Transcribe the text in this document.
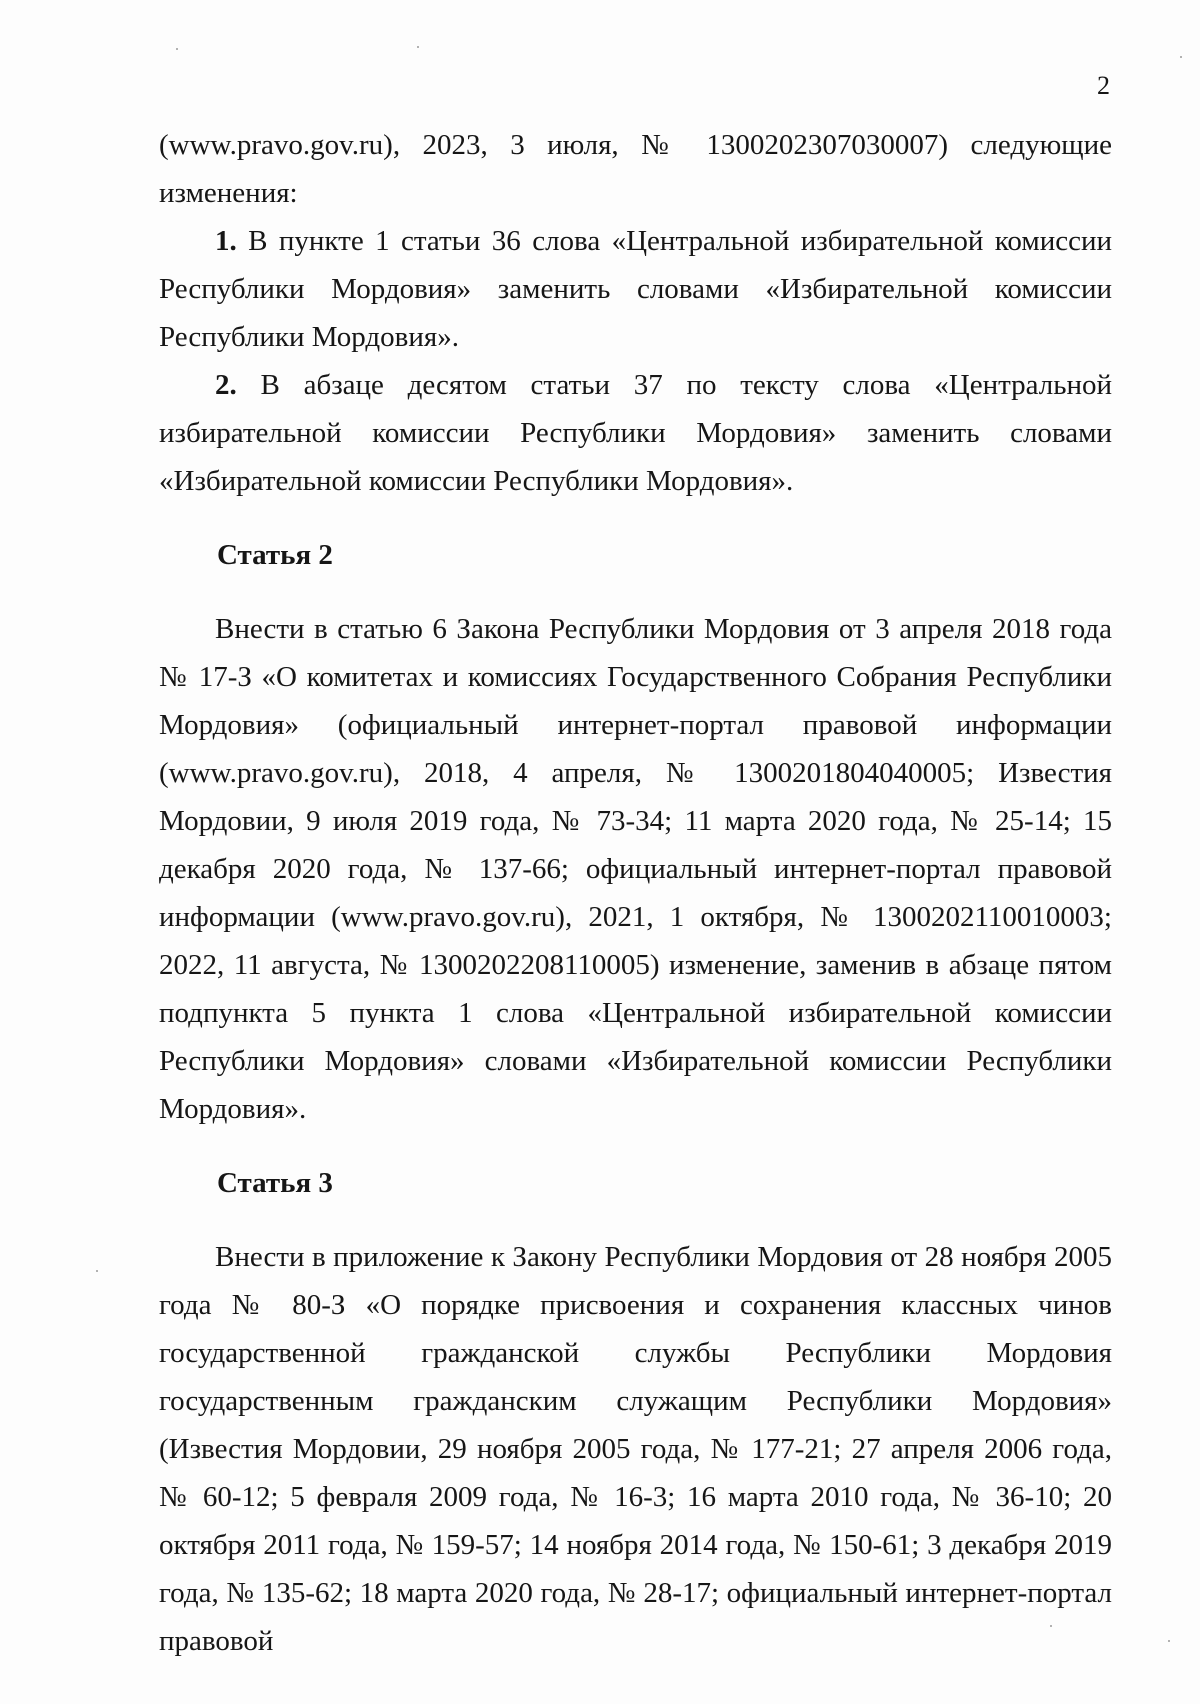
2

(www.pravo.gov.ru), 2023, 3 июля, № 1300202307030007) следующие изменения:

1. В пункте 1 статьи 36 слова «Центральной избирательной комиссии Республики Мордовия» заменить словами «Избирательной комиссии Республики Мордовия».

2. В абзаце десятом статьи 37 по тексту слова «Центральной избирательной комиссии Республики Мордовия» заменить словами «Избирательной комиссии Республики Мордовия».

Статья 2

Внести в статью 6 Закона Республики Мордовия от 3 апреля 2018 года № 17-З «О комитетах и комиссиях Государственного Собрания Республики Мордовия» (официальный интернет-портал правовой информации (www.pravo.gov.ru), 2018, 4 апреля, № 1300201804040005; Известия Мордовии, 9 июля 2019 года, № 73-34; 11 марта 2020 года, № 25-14; 15 декабря 2020 года, № 137-66; официальный интернет-портал правовой информации (www.pravo.gov.ru), 2021, 1 октября, № 1300202110010003; 2022, 11 августа, № 1300202208110005) изменение, заменив в абзаце пятом подпункта 5 пункта 1 слова «Центральной избирательной комиссии Республики Мордовия» словами «Избирательной комиссии Республики Мордовия».

Статья 3

Внести в приложение к Закону Республики Мордовия от 28 ноября 2005 года № 80-З «О порядке присвоения и сохранения классных чинов государственной гражданской службы Республики Мордовия государственным гражданским служащим Республики Мордовия» (Известия Мордовии, 29 ноября 2005 года, № 177-21; 27 апреля 2006 года, № 60-12; 5 февраля 2009 года, № 16-3; 16 марта 2010 года, № 36-10; 20 октября 2011 года, № 159-57; 14 ноября 2014 года, № 150-61; 3 декабря 2019 года, № 135-62; 18 марта 2020 года, № 28-17; официальный интернет-портал правовой
